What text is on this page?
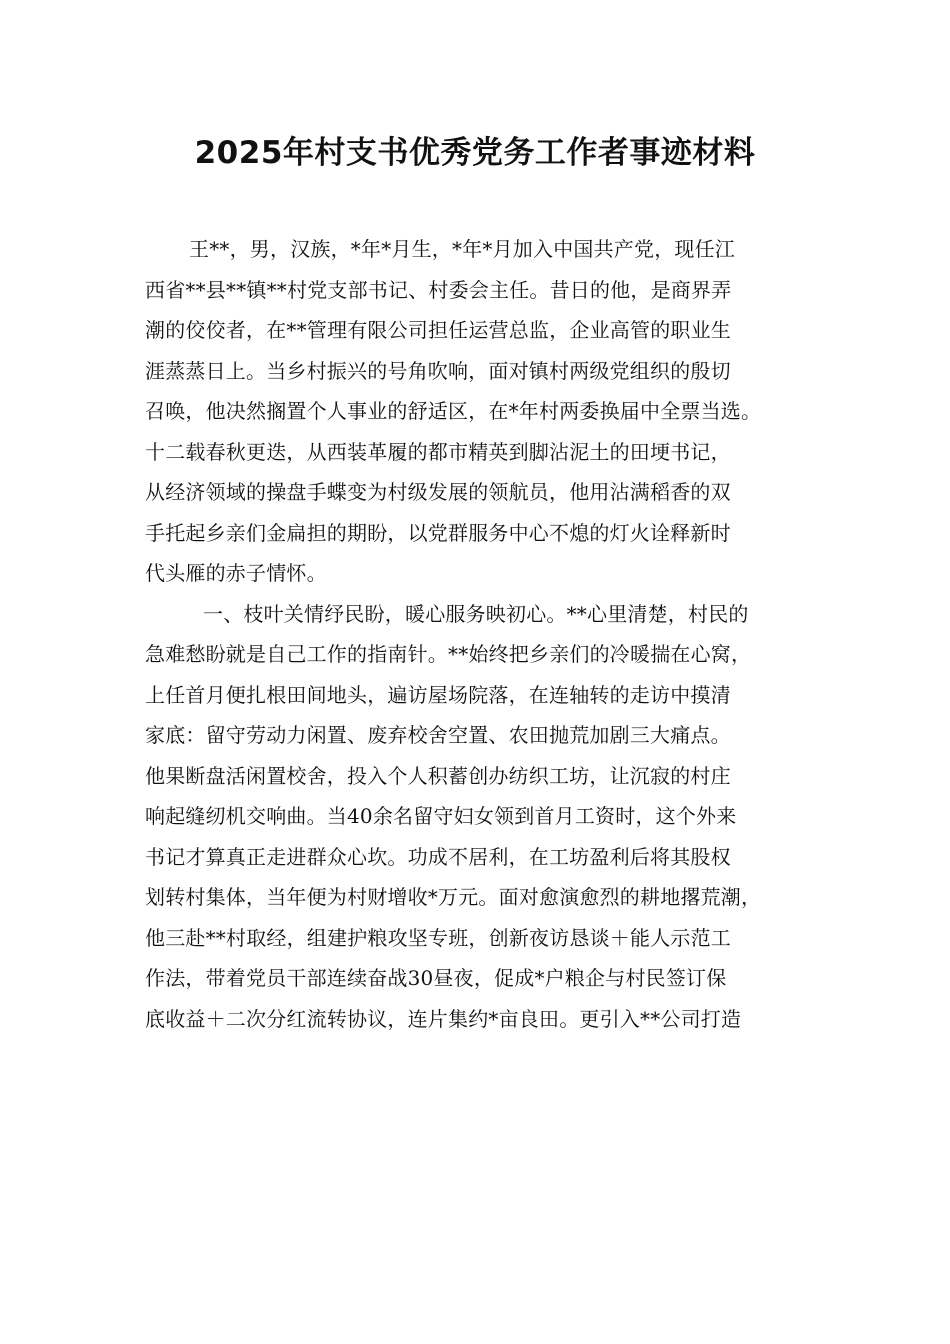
2025年村支书优秀党务工作者事迹材料
王**，男，汉族，*年*月生，*年*月加入中国共产党，现任江
西省**县**镇**村党支部书记、村委会主任。昔日的他，是商界弄
潮的佼佼者，在**管理有限公司担任运营总监，企业高管的职业生
涯蒸蒸日上。当乡村振兴的号角吹响，面对镇村两级党组织的殷切
召唤，他决然搁置个人事业的舒适区，在*年村两委换届中全票当选。
十二载春秋更迭，从西装革履的都市精英到脚沾泥土的田埂书记，
从经济领域的操盘手蝶变为村级发展的领航员，他用沾满稻香的双
手托起乡亲们金扁担的期盼，以党群服务中心不熄的灯火诠释新时
代头雁的赤子情怀。
一、枝叶关情纾民盼，暖心服务映初心。**心里清楚，村民的
急难愁盼就是自己工作的指南针。**始终把乡亲们的冷暖揣在心窝，
上任首月便扎根田间地头，遍访屋场院落，在连轴转的走访中摸清
家底：留守劳动力闲置、废弃校舍空置、农田抛荒加剧三大痛点。
他果断盘活闲置校舍，投入个人积蓄创办纺织工坊，让沉寂的村庄
响起缝纫机交响曲。当40余名留守妇女领到首月工资时，这个外来
书记才算真正走进群众心坎。功成不居利，在工坊盈利后将其股权
划转村集体，当年便为村财增收*万元。面对愈演愈烈的耕地撂荒潮，
他三赴**村取经，组建护粮攻坚专班，创新夜访恳谈＋能人示范工
作法，带着党员干部连续奋战30昼夜，促成*户粮企与村民签订保
底收益＋二次分红流转协议，连片集约*亩良田。更引入**公司打造
